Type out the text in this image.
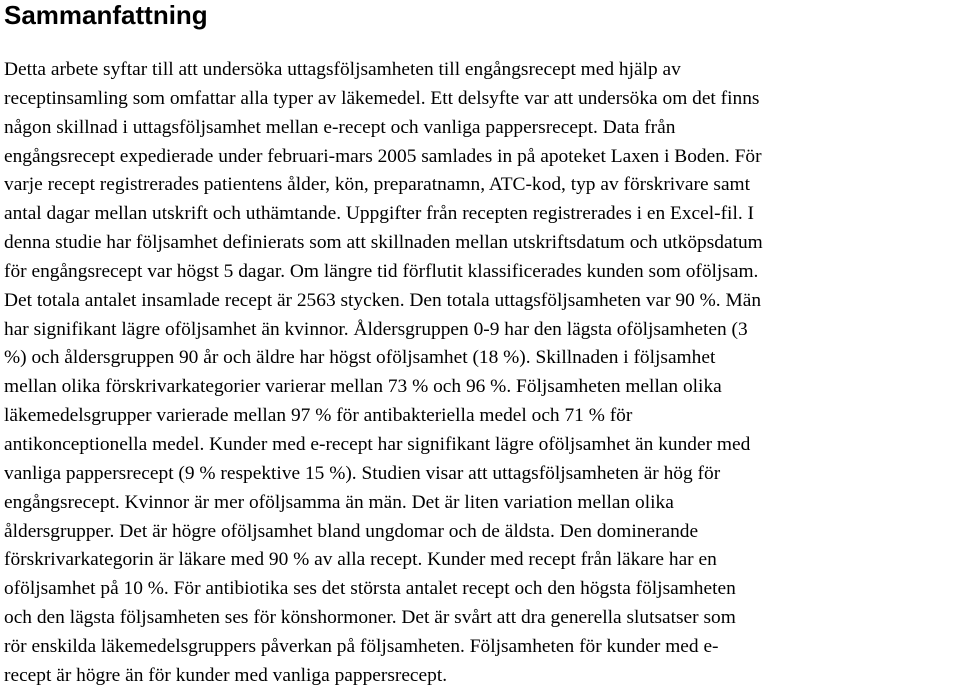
Sammanfattning
Detta arbete syftar till att undersöka uttagsföljsamheten till engångsrecept med hjälp av
receptinsamling som omfattar alla typer av läkemedel. Ett delsyfte var att undersöka om det finns
någon skillnad i uttagsföljsamhet mellan e-recept och vanliga pappersrecept. Data från
engångsrecept expedierade under februari-mars 2005 samlades in på apoteket Laxen i Boden. För
varje recept registrerades patientens ålder, kön, preparatnamn, ATC-kod, typ av förskrivare samt
antal dagar mellan utskrift och uthämtande. Uppgifter från recepten registrerades i en Excel-fil. I
denna studie har följsamhet definierats som att skillnaden mellan utskriftsdatum och utköpsdatum
för engångsrecept var högst 5 dagar. Om längre tid förflutit klassificerades kunden som oföljsam.
Det totala antalet insamlade recept är 2563 stycken. Den totala uttagsföljsamheten var 90 %. Män
har signifikant lägre oföljsamhet än kvinnor. Åldersgruppen 0-9 har den lägsta oföljsamheten (3
%) och åldersgruppen 90 år och äldre har högst oföljsamhet (18 %). Skillnaden i följsamhet
mellan olika förskrivarkategorier varierar mellan 73 % och 96 %. Följsamheten mellan olika
läkemedelsgrupper varierade mellan 97 % för antibakteriella medel och 71 % för
antikonceptionella medel. Kunder med e-recept har signifikant lägre oföljsamhet än kunder med
vanliga pappersrecept (9 % respektive 15 %). Studien visar att uttagsföljsamheten är hög för
engångsrecept. Kvinnor är mer oföljsamma än män. Det är liten variation mellan olika
åldersgrupper. Det är högre oföljsamhet bland ungdomar och de äldsta. Den dominerande
förskrivarkategorin är läkare med 90 % av alla recept. Kunder med recept från läkare har en
oföljsamhet på 10 %. För antibiotika ses det största antalet recept och den högsta följsamheten
och den lägsta följsamheten ses för könshormoner. Det är svårt att dra generella slutsatser som
rör enskilda läkemedelsgruppers påverkan på följsamheten. Följsamheten för kunder med e-
recept är högre än för kunder med vanliga pappersrecept.
